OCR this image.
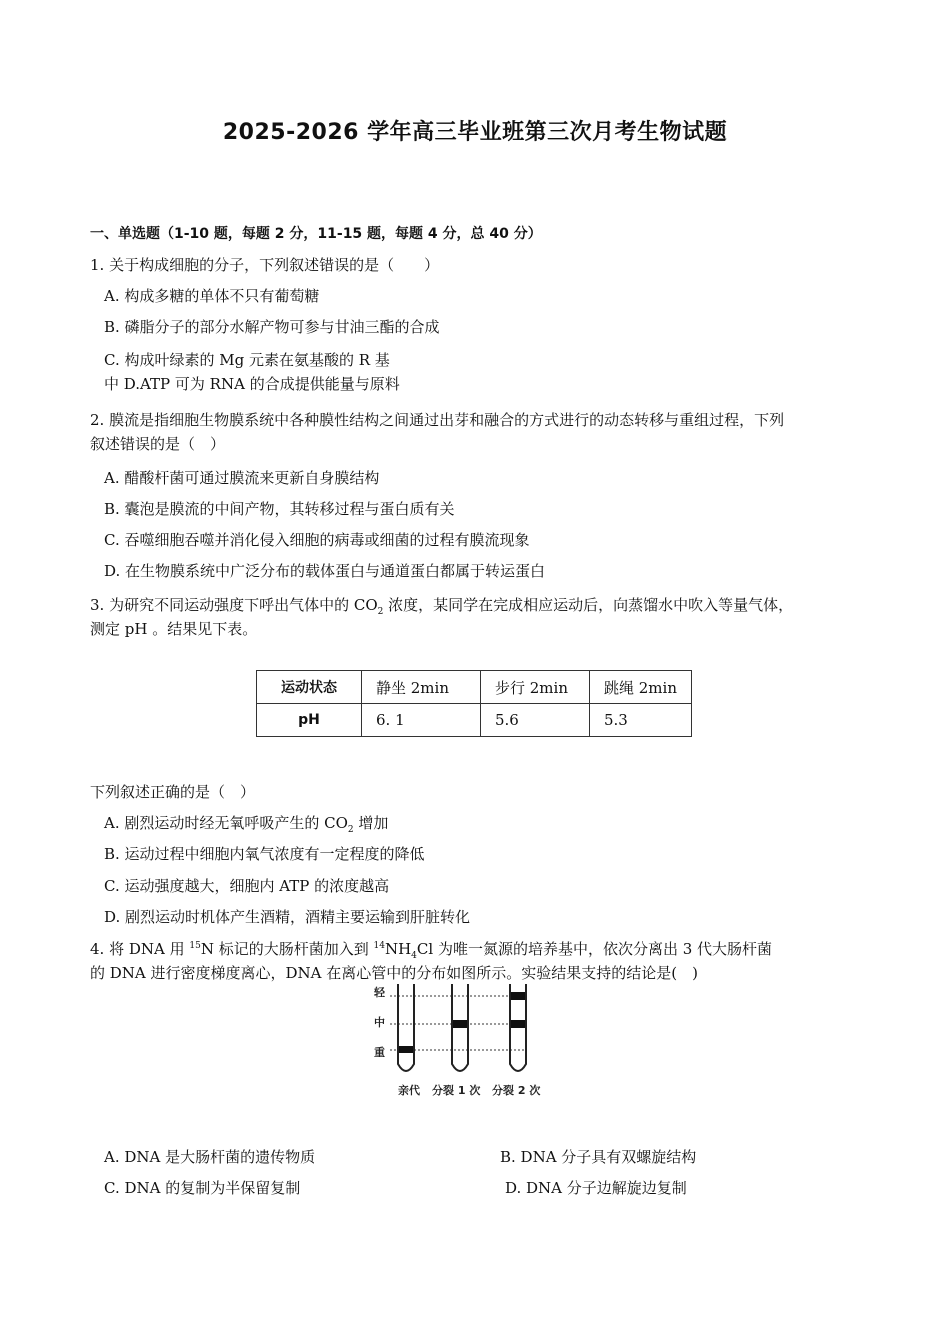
2025-2026 学年高三毕业班第三次月考生物试题
一、单选题（1-10 题，每题 2 分，11-15 题，每题 4 分，总 40 分）
1. 关于构成细胞的分子，下列叙述错误的是（　　）
A. 构成多糖的单体不只有葡萄糖
B. 磷脂分子的部分水解产物可参与甘油三酯的合成
C. 构成叶绿素的 Mg 元素在氨基酸的 R 基
中 D.ATP 可为 RNA 的合成提供能量与原料
2. 膜流是指细胞生物膜系统中各种膜性结构之间通过出芽和融合的方式进行的动态转移与重组过程，下列
叙述错误的是（　）
A. 醋酸杆菌可通过膜流来更新自身膜结构
B. 囊泡是膜流的中间产物，其转移过程与蛋白质有关
C. 吞噬细胞吞噬并消化侵入细胞的病毒或细菌的过程有膜流现象
D. 在生物膜系统中广泛分布的载体蛋白与通道蛋白都属于转运蛋白
3. 为研究不同运动强度下呼出气体中的 $CO_2$ 浓度，某同学在完成相应运动后，向蒸馏水中吹入等量气体，
测定 pH 。结果见下表。
运动状态	静坐 2min	步行 2min	跳绳 2min
pH	6. 1	5.6	5.3
下列叙述正确的是（　）
A. 剧烈运动时经无氧呼吸产生的 $CO_2$ 增加
B. 运动过程中细胞内氧气浓度有一定程度的降低
C. 运动强度越大，细胞内 ATP 的浓度越高
D. 剧烈运动时机体产生酒精，酒精主要运输到肝脏转化
4. 将 DNA 用 $^{15}$N 标记的大肠杆菌加入到 $^{14}NH_4Cl$ 为唯一氮源的培养基中，依次分离出 3 代大肠杆菌
的 DNA 进行密度梯度离心，DNA 在离心管中的分布如图所示。实验结果支持的结论是(　)
轻
中
重
亲代 分裂 1 次 分裂 2 次
A. DNA 是大肠杆菌的遗传物质	B. DNA 分子具有双螺旋结构
C. DNA 的复制为半保留复制	D. DNA 分子边解旋边复制
